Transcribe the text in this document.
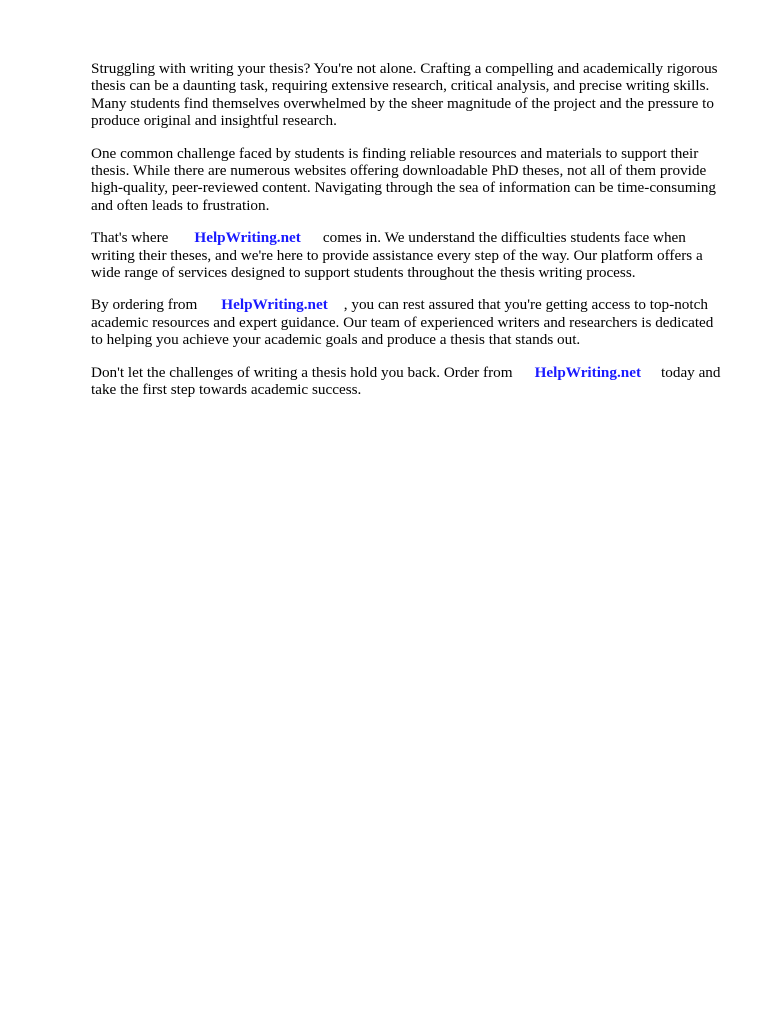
Struggling with writing your thesis? You're not alone. Crafting a compelling and academically rigorous thesis can be a daunting task, requiring extensive research, critical analysis, and precise writing skills. Many students find themselves overwhelmed by the sheer magnitude of the project and the pressure to produce original and insightful research.

One common challenge faced by students is finding reliable resources and materials to support their thesis. While there are numerous websites offering downloadable PhD theses, not all of them provide high-quality, peer-reviewed content. Navigating through the sea of information can be time-consuming and often leads to frustration.

That's where HelpWriting.net comes in. We understand the difficulties students face when writing their theses, and we're here to provide assistance every step of the way. Our platform offers a wide range of services designed to support students throughout the thesis writing process.

By ordering from HelpWriting.net , you can rest assured that you're getting access to top-notch academic resources and expert guidance. Our team of experienced writers and researchers is dedicated to helping you achieve your academic goals and produce a thesis that stands out.

Don't let the challenges of writing a thesis hold you back. Order from HelpWriting.net today and take the first step towards academic success.
